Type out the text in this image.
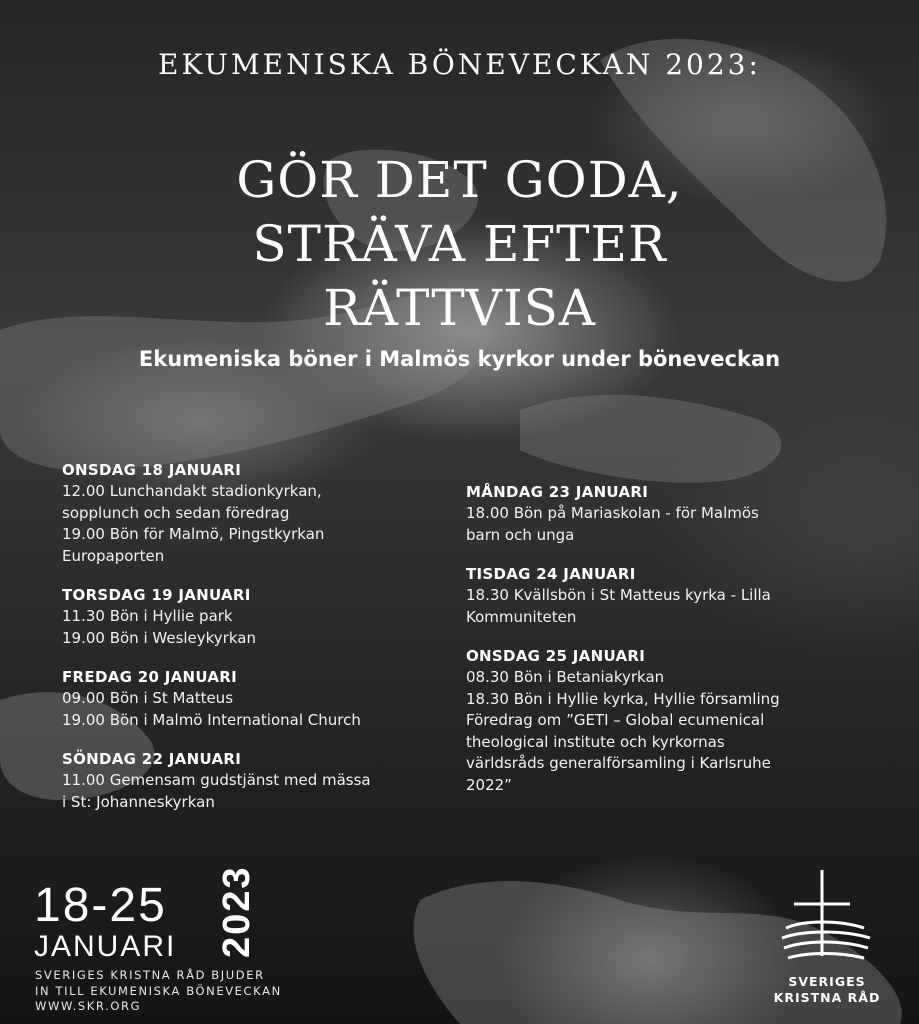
EKUMENISKA BÖNEVECKAN 2023:
GÖR DET GODA,
STRÄVA EFTER
RÄTTVISA
Ekumeniska böner i Malmös kyrkor under böneveckan
ONSDAG 18 JANUARI
12.00 Lunchandakt stadionkyrkan,
sopplunch och sedan föredrag
19.00 Bön för Malmö, Pingstkyrkan
Europaporten
TORSDAG 19 JANUARI
11.30 Bön i Hyllie park
19.00 Bön i Wesleykyrkan
FREDAG 20 JANUARI
09.00 Bön i St Matteus
19.00 Bön i Malmö International Church
SÖNDAG 22 JANUARI
11.00 Gemensam gudstjänst med mässa
i St: Johanneskyrkan
MÅNDAG 23 JANUARI
18.00 Bön på Mariaskolan - för Malmös
barn och unga
TISDAG 24 JANUARI
18.30 Kvällsbön i St Matteus kyrka - Lilla
Kommuniteten
ONSDAG 25 JANUARI
08.30 Bön i Betaniakyrkan
18.30 Bön i Hyllie kyrka, Hyllie församling
Föredrag om ”GETI – Global ecumenical
theological institute och kyrkornas
världsråds generalförsamling i Karlsruhe
2022”
18-25
JANUARI 2023
SVERIGES KRISTNA RÅD BJUDER
IN TILL EKUMENISKA BÖNEVECKAN
WWW.SKR.ORG
SVERIGES
KRISTNA RÅD
